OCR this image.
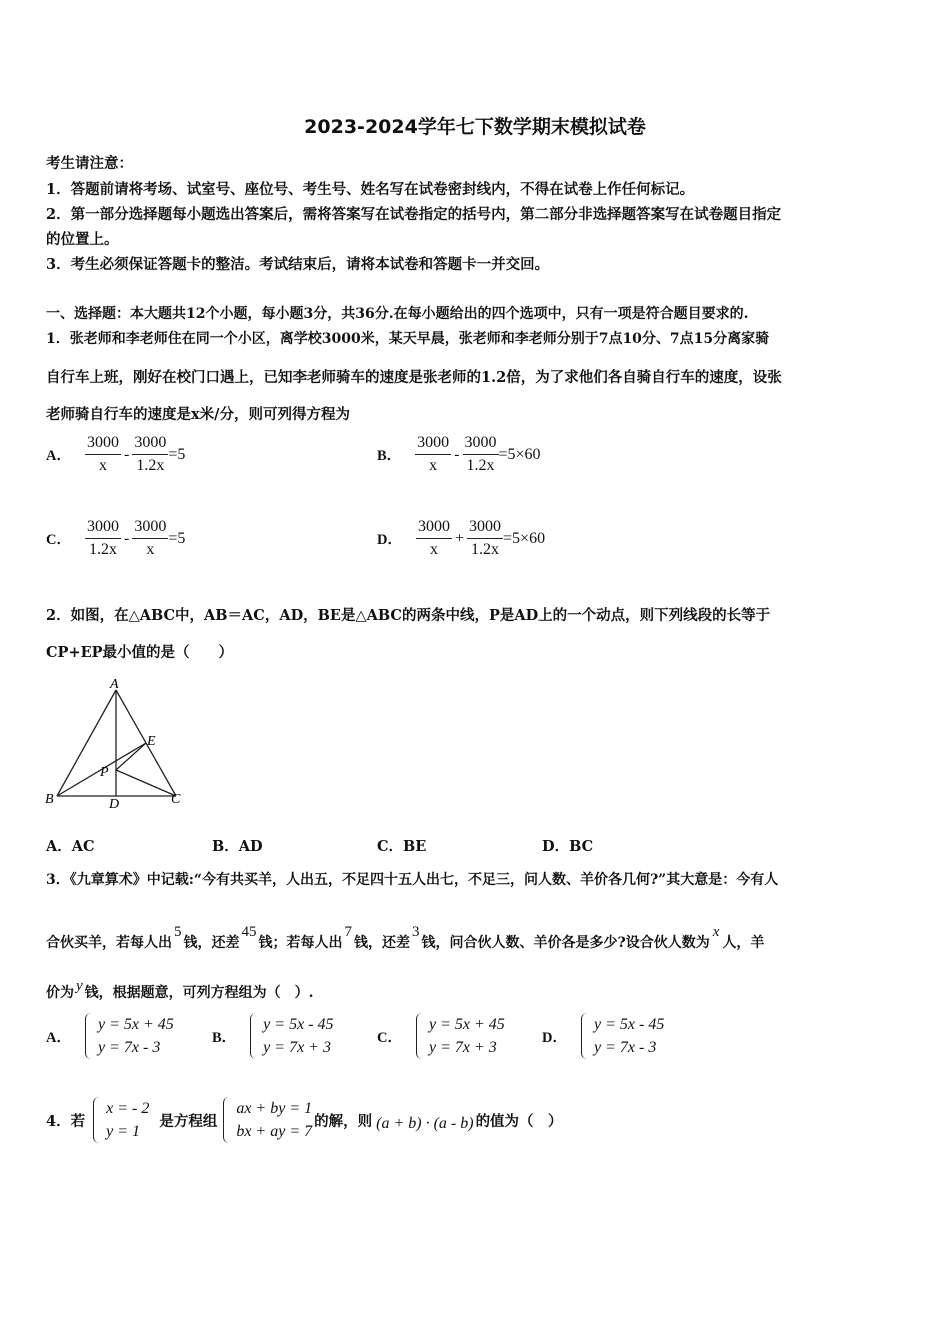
2023-2024学年七下数学期末模拟试卷
考生请注意：
1．答题前请将考场、试室号、座位号、考生号、姓名写在试卷密封线内，不得在试卷上作任何标记。
2．第一部分选择题每小题选出答案后，需将答案写在试卷指定的括号内，第二部分非选择题答案写在试卷题目指定
的位置上。
3．考生必须保证答题卡的整洁。考试结束后，请将本试卷和答题卡一并交回。
一、选择题：本大题共12个小题，每小题3分，共36分.在每小题给出的四个选项中，只有一项是符合题目要求的.
1．张老师和李老师住在同一个小区，离学校3000米，某天早晨，张老师和李老师分别于7点10分、7点15分离家骑
自行车上班，刚好在校门口遇上，已知李老师骑车的速度是张老师的1.2倍，为了求他们各自骑自行车的速度，设张
老师骑自行车的速度是x米/分，则可列得方程为
A． $\frac{3000}{x} - \frac{3000}{1.2x} =5$	B． $\frac{3000}{x} - \frac{3000}{1.2x} =5\times 60$
C． $\frac{3000}{1.2x} - \frac{3000}{x} =5$	D． $\frac{3000}{x} + \frac{3000}{1.2x} =5\times 60$
2．如图，在△ABC中，AB＝AC，AD，BE是△ABC的两条中线，P是AD上的一个动点，则下列线段的长等于
CP+EP最小值的是（　　）
A
B	C
D
E
P
A．AC	B．AD	C．BE	D．BC
3．《九章算术》中记载:“今有共买羊，人出五，不足四十五人出七，不足三，问人数、羊价各几何?”其大意是：今有人
合伙买羊，若每人出5钱，还差45钱；若每人出7钱，还差3钱，问合伙人数、羊价各是多少?设合伙人数为x人，羊
价为 y 钱，根据题意，可列方程组为（　）.
A．
y = 5x + 45
y = 7x - 3
B．
y = 5x - 45
y = 7x + 3
C．
y = 5x + 45
y = 7x + 3
D．
y = 5x - 45
y = 7x - 3
4．若
x = - 2
y = 1
是方程组
ax + by = 1
bx + ay = 7
的解，则 (a + b) · (a - b) 的值为（　）
